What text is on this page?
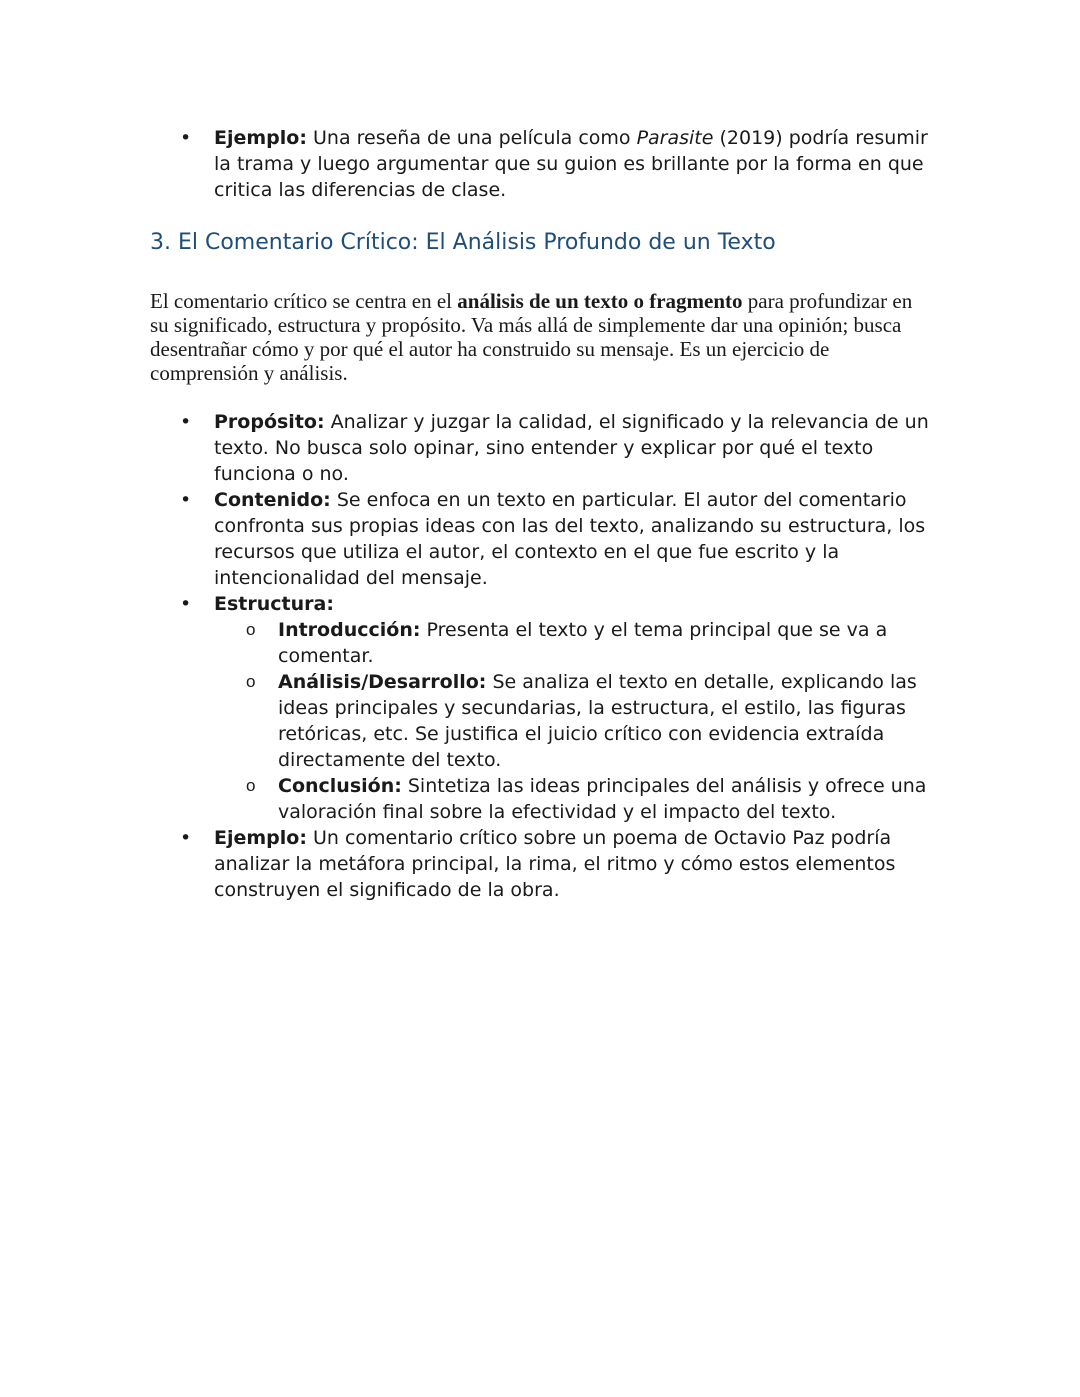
• Ejemplo: Una reseña de una película como Parasite (2019) podría resumir la trama y luego argumentar que su guion es brillante por la forma en que critica las diferencias de clase.
3. El Comentario Crítico: El Análisis Profundo de un Texto

El comentario crítico se centra en el análisis de un texto o fragmento para profundizar en su significado, estructura y propósito. Va más allá de simplemente dar una opinión; busca desentrañar cómo y por qué el autor ha construido su mensaje. Es un ejercicio de comprensión y análisis.

• Propósito: Analizar y juzgar la calidad, el significado y la relevancia de un texto. No busca solo opinar, sino entender y explicar por qué el texto funciona o no.
• Contenido: Se enfoca en un texto en particular. El autor del comentario confronta sus propias ideas con las del texto, analizando su estructura, los recursos que utiliza el autor, el contexto en el que fue escrito y la intencionalidad del mensaje.
• Estructura:
o Introducción: Presenta el texto y el tema principal que se va a comentar.
o Análisis/Desarrollo: Se analiza el texto en detalle, explicando las ideas principales y secundarias, la estructura, el estilo, las figuras retóricas, etc. Se justifica el juicio crítico con evidencia extraída directamente del texto.
o Conclusión: Sintetiza las ideas principales del análisis y ofrece una valoración final sobre la efectividad y el impacto del texto.
• Ejemplo: Un comentario crítico sobre un poema de Octavio Paz podría analizar la metáfora principal, la rima, el ritmo y cómo estos elementos construyen el significado de la obra.
